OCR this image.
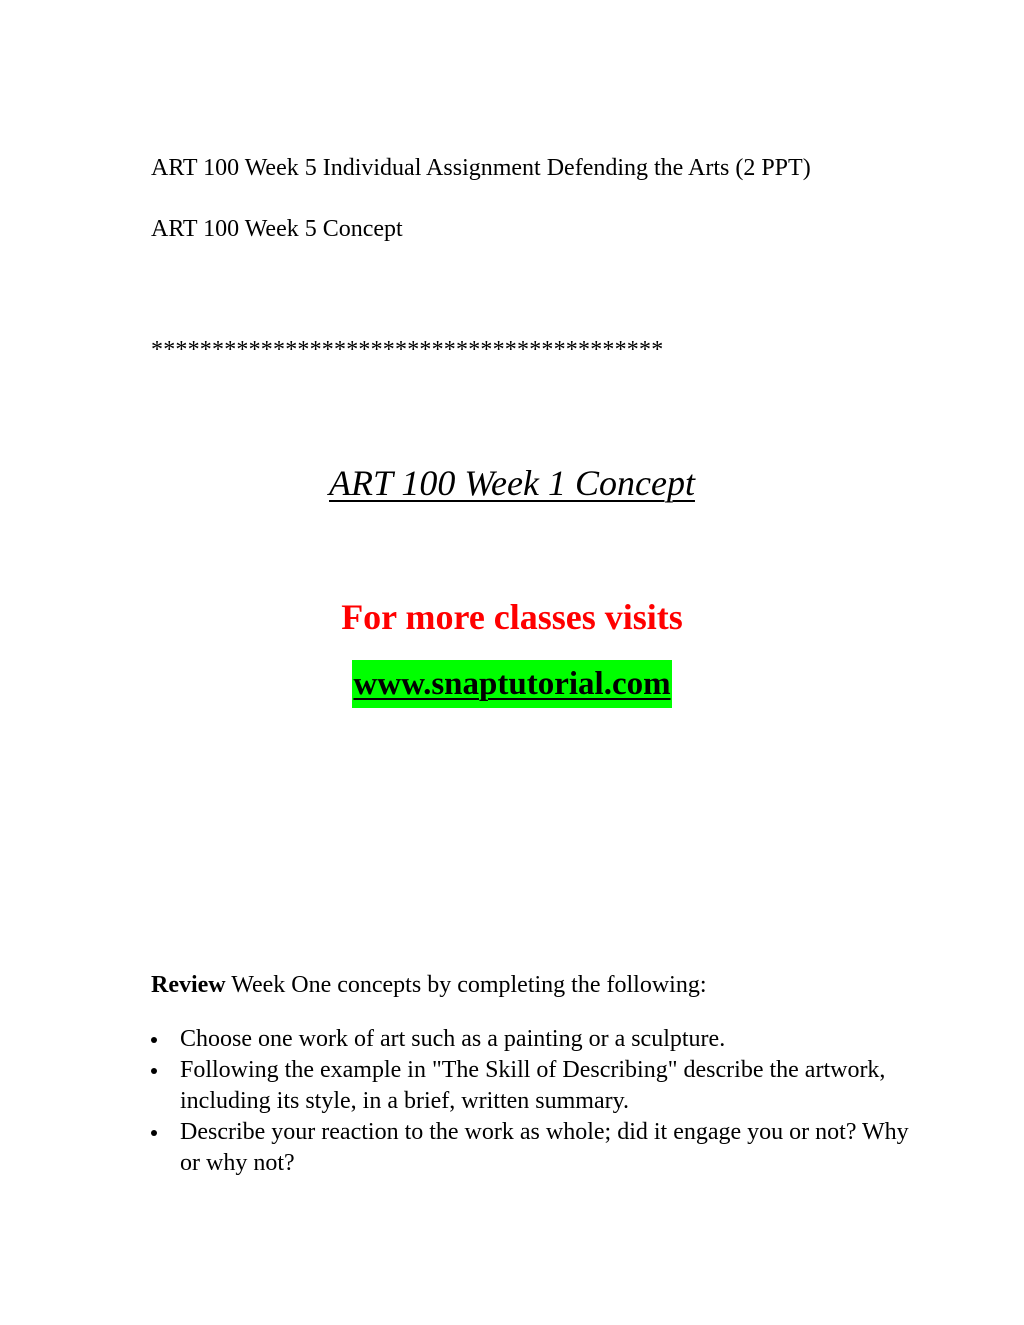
ART 100 Week 5 Individual Assignment Defending the Arts (2 PPT)
ART 100 Week 5 Concept
******************************************
ART 100 Week 1 Concept
For more classes visits
www.snaptutorial.com
Review Week One concepts by completing the following:
Choose one work of art such as a painting or a sculpture.
Following the example in "The Skill of Describing" describe the artwork, including its style, in a brief, written summary.
Describe your reaction to the work as whole; did it engage you or not? Why or why not?
